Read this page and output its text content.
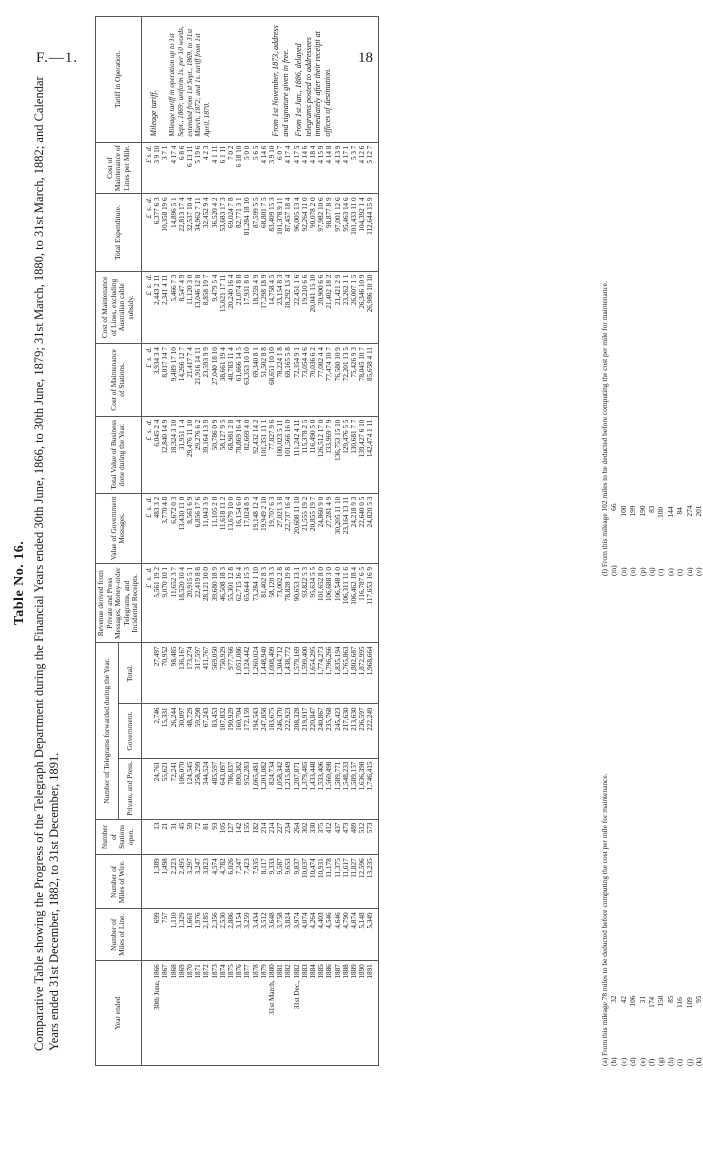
F.—1.	18
Table No. 16. Comparative Table showing the Progress of the Telegraph Department during the Financial Years ended 30th June, 1866, to 30th June, 1879; 31st March, 1880, to 31st March, 1882; and Calendar Years ended 31st December, 1882, to 31st December, 1891.	Year ended	Number of Miles of Line.	Number of Miles of Wire.	Number of Stations open.	Number of Telegrams forwarded during the Year.			Revenue derived from Private and Press Messages, Money-order Telegrams, and Incidental Receipts.	Value of Government Messages.	Total Value of Business done during the Year.	Cost of Maintenance of Stations.	Cost of Maintenance of Lines, excluding Australian cable subsidy.	Total Expenditure.	Cost of Maintenance of Lines per Mile.	Tariff in Operation.
				Private, and Press.	Government.	Total.								
							£  s.  d.	£  s.  d.	£  s.  d.	£  s.  d.	£  s.  d.	£  s.  d.	£ s. d.	Mileage tariff. Mileage tariff in operation up to 1st Sept., 1869; uniform 1s. per 10 words, extended from 1st Sept., 1869, to 31st March, 1872; and 1s. tariff from 1st April, 1870. From 1st November, 1873, address and signature given in free. From 1st Jan., 1886, delayed telegrams posted to addressees immediately after their receipt at offices of destination.

30th June, 1866	699	1,389	13	24,761	2,746	27,497	5,561 19 2	483 3 2	6,045 2 4	3,934 3 4	2,443 2 11	6,377 6 3	3 9 10	
1867	757	1,498	21	55,621	15,331	70,952	9,070 10 1	3,770 4 8	12,840 14 9	8,017 14 7	2,341 4 11	10,358 19 6	3 7 1	
1868	1,110	2,223	31	72,241	26,244	98,485	11,652 3 7	6,672 0 3	18,324 3 10	9,489 17 10	5,466 7 3	14,896 5 1	4 17 4	
1869	1,329	2,495	45	106,070	30,097	136,167	18,520 10 4	13,430 11 0	31,951 1 4	14,266 12 7	8,547 4 9	22,813 17 4	6 8 6	
1870	1,661	3,297	59	124,545	48,729	173,274	20,915 5 1	8,561 6 9	29,476 11 10	21,417 7 4	11,120 3 0	32,537 10 4	6 13 11	
1871	1,976	3,247	72	258,299	59,298	317,597	22,419 8 8	6,856 17 6	29,276 6 2	21,916 14 11	13,046 12 8	34,962 7 11	5 19 6	
1872	2,185	3,823	81	344,524	67,243	411,767	28,121 10 0	11,043 3 9	39,164 13 9	23,593 9 9	8,858 19 7	32,452 9 4	4 2 3	
1873	2,356	4,574	93	485,597	83,453	569,050	39,680 18 9	11,105 2 0	50,786 0 9	27,040 18 10	9,479 5 4	36,520 4 2	4 1 11	
1874	2,530	4,782	105	643,097	107,832	750,929	46,508 18 3	11,618 11 2	58,127 9 5	38,661 19 4	15,021 17 11	53,683 17 3	6 1 11	
1875	2,886	6,026	127	786,837	190,929	977,766	55,301 12 8	13,679 10 0	68,981 2 8	48,783 11 4	20,240 16 4	69,024 7 8	7 0 2	
1876	3,154	7,247	142	890,382	160,704	1,051,086	62,715 16 4	16,154 6 0	78,869 16 4	61,666 14 5	21,074 8 8	82,771 3 1	6 18 10	
1877	3,259	7,423	155	952,283	172,159	1,124,442	65,644 15 3	17,024 8 9	82,669 4 0	63,353 10 10	17,931 8 0	81,284 18 10	5 0 0	
1878	3,434	7,935	182	1,065,481	194,543	1,260,024	73,284 1 10	19,148 12 4	92,432 14 2	69,340 8 1	18,259 4 9	87,599 5 5	5 6 5	
1879	3,512	8,117	214	1,201,082	247,858	1,448,940	81,402 8 3	19,949 2 10	101,351 11 1	51,502 8 8	17,298 18 9	68,801 7 5	4 14 6	
31st March, 1880	3,648	9,333	214	824,734	183,675	1,008,409	58,120 3 3	19,707 6 3	77,827 9 6	68,651 10 10	14,758 4 5	83,409 15 3	3 9 10	
1881	3,758	9,587	227	1,058,342	246,370	1,304,712	73,002 2 8	27,021 3 8	100,023 5 11	78,224 1 8	23,154 8 3	101,378 9 11	6 0 7	
1882	3,824	9,653	234	1,215,849	222,923	1,438,772	78,828 19 8	22,737 16 4	101,566 16 0	69,165 5 8	18,292 13 4	87,457 18 4	4 17 4	
31st Dec., 1882	3,974	9,837	264	1,207,871	208,328	1,579,169	90,653 13 1	20,608 11 10	111,242 4 11	72,354 9 1	22,451 1 6	96,005 13 4	4 17 5	
1883	4,074	10,037	302	1,379,485	219,917	1,599,400	93,822 5 3	21,555 19 2	115,378 2 5	73,054 4 6	19,210 6 6	92,264 11 0	4 14 6	
1884	4,264	10,474	330	1,433,448	220,847	1,654,295	95,634 5 5	20,855 19 7	116,490 5 0	70,036 6 2	20,041 15 10	90,078 2 0	4 18 4	
1885	4,403	10,931	375	1,533,406	240,867	1,774,273	101,652 8 0	24,860 9 0	126,512 17 0	77,082 4 4	20,900 6 6	97,982 10 6	4 15 9	
1886	4,546	11,178	412	1,560,498	235,768	1,796,266	106,688 3 0	27,281 4 9	133,969 7 9	77,474 10 7	21,402 18 2	98,877 8 9	4 14 8	
1887	4,646	11,375	437	1,589,771	245,423	1,835,194	106,548 4 0	30,205 11 10	136,753 15 10	76,580 10 9	21,421 2 9	97,001 12 6	4 13 9	
1888	4,790	11,617	473	1,548,233	217,630	1,765,863	106,311 11 6	23,164 13 11	129,476 5 5	72,201 13 5	23,262 1 1	95,463 14 6	4 17 1	
1889	4,874	11,827	489	1,589,157	213,630	1,802,687	106,462 18 4	24,218 9 3	130,681 7 7	75,426 9 3	26,007 1 5	101,433 11 0	5 3 7	
1890	5,148	12,596	512	1,636,398	236,597	1,872,995	116,787 6 5	22,640 0 5	139,427 6 10	78,045 10 7	26,346 10 9	104,392 1 4	4 12 6	
1891	5,349	13,235	573	1,746,415	222,249	1,968,664	117,653 16 9	24,820 5 3	142,474 1 11	85,658 4 11	26,986 10 10	112,644 15 9	5 12 7	
(a) From this mileage 78 miles to be deducted before computing the cost per mile for maintenance. (b) 32
(c) 42
(d) 106
(e) 31
(f) 174
(g) 150
(h) 85
(i) 116
(j) 109
(k) 95
(l) From this mileage 102 miles to be deducted before computing the cost per mile for maintenance. (m) 66
(n) 100
(o) 199
(p) 190
(q) 83
(r) 100
(s) 144
(t) 84
(u) 274
(v) 201
